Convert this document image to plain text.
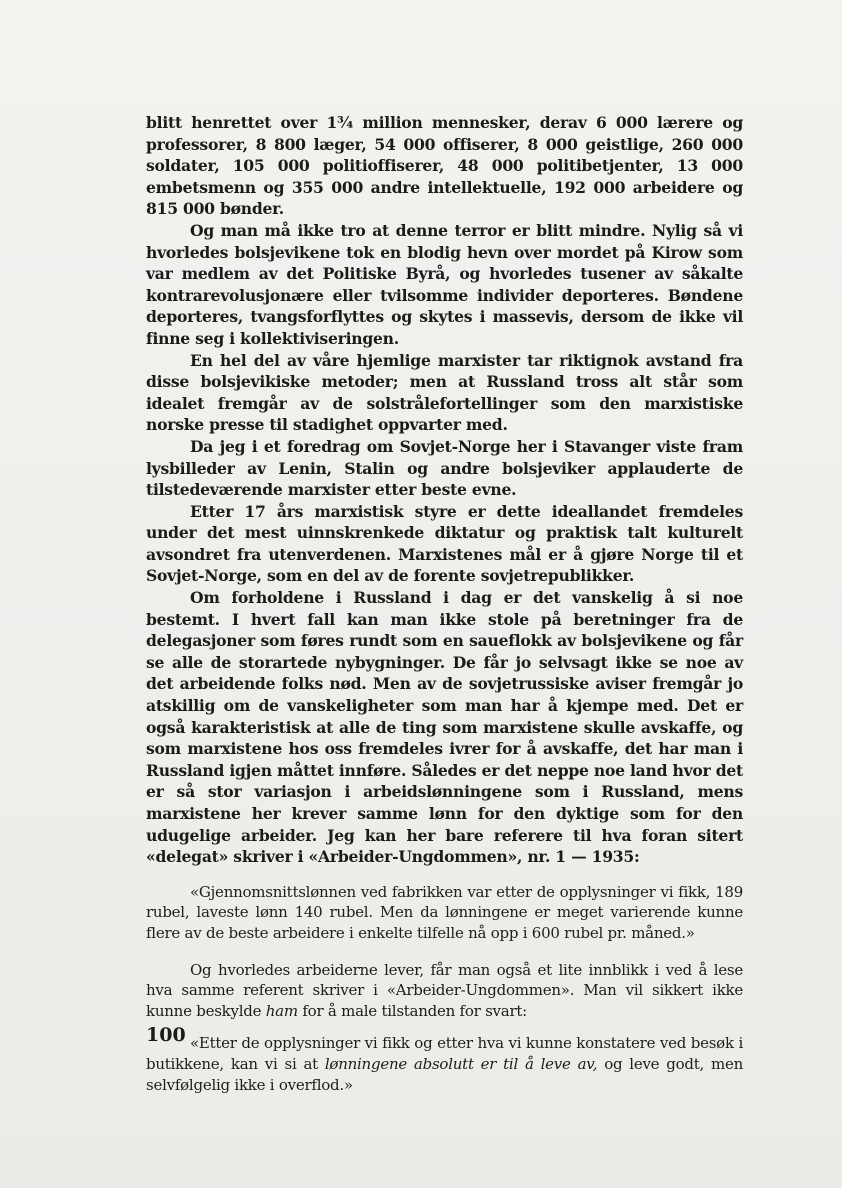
blitt henrettet over 1¾ million mennesker, derav 6 000 lærere og professorer, 8 800 læger, 54 000 offiserer, 8 000 geistlige, 260 000 soldater, 105 000 politioffiserer, 48 000 politibetjenter, 13 000 embetsmenn og 355 000 andre intellektuelle, 192 000 arbeidere og 815 000 bønder.

Og man må ikke tro at denne terror er blitt mindre. Nylig så vi hvorledes bolsjevikene tok en blodig hevn over mordet på Kirow som var medlem av det Politiske Byrå, og hvorledes tusener av såkalte kontrarevolusjonære eller tvilsomme individer deporteres. Bøndene deporteres, tvangsforflyttes og skytes i massevis, dersom de ikke vil finne seg i kollektiviseringen.

En hel del av våre hjemlige marxister tar riktignok avstand fra disse bolsjevikiske metoder; men at Russland tross alt står som idealet fremgår av de solstrålefortellinger som den marxistiske norske presse til stadighet oppvarter med.

Da jeg i et foredrag om Sovjet-Norge her i Stavanger viste fram lysbilleder av Lenin, Stalin og andre bolsjeviker applauderte de tilstedeværende marxister etter beste evne.

Etter 17 års marxistisk styre er dette ideallandet fremdeles under det mest uinnskrenkede diktatur og praktisk talt kulturelt avsondret fra utenverdenen. Marxistenes mål er å gjøre Norge til et Sovjet-Norge, som en del av de forente sovjetrepublikker.

Om forholdene i Russland i dag er det vanskelig å si noe bestemt. I hvert fall kan man ikke stole på beretninger fra de delegasjoner som føres rundt som en saueflokk av bolsjevikene og får se alle de storartede nybygninger. De får jo selvsagt ikke se noe av det arbeidende folks nød. Men av de sovjetrussiske aviser fremgår jo atskillig om de vanskeligheter som man har å kjempe med. Det er også karakteristisk at alle de ting som marxistene skulle avskaffe, og som marxistene hos oss fremdeles ivrer for å avskaffe, det har man i Russland igjen måttet innføre. Således er det neppe noe land hvor det er så stor variasjon i arbeidslønningene som i Russland, mens marxistene her krever samme lønn for den dyktige som for den udugelige arbeider. Jeg kan her bare referere til hva foran sitert «delegat» skriver i «Arbeider-Ungdommen», nr. 1 — 1935:

«Gjennomsnittslønnen ved fabrikken var etter de opplysninger vi fikk, 189 rubel, laveste lønn 140 rubel. Men da lønningene er meget varierende kunne flere av de beste arbeidere i enkelte tilfelle nå opp i 600 rubel pr. måned.»

Og hvorledes arbeiderne lever, får man også et lite innblikk i ved å lese hva samme referent skriver i «Arbeider-Ungdommen». Man vil sikkert ikke kunne beskylde ham for å male tilstanden for svart:

«Etter de opplysninger vi fikk og etter hva vi kunne konstatere ved besøk i butikkene, kan vi si at lønningene absolutt er til å leve av, og leve godt, men selvfølgelig ikke i overflod.»

100
